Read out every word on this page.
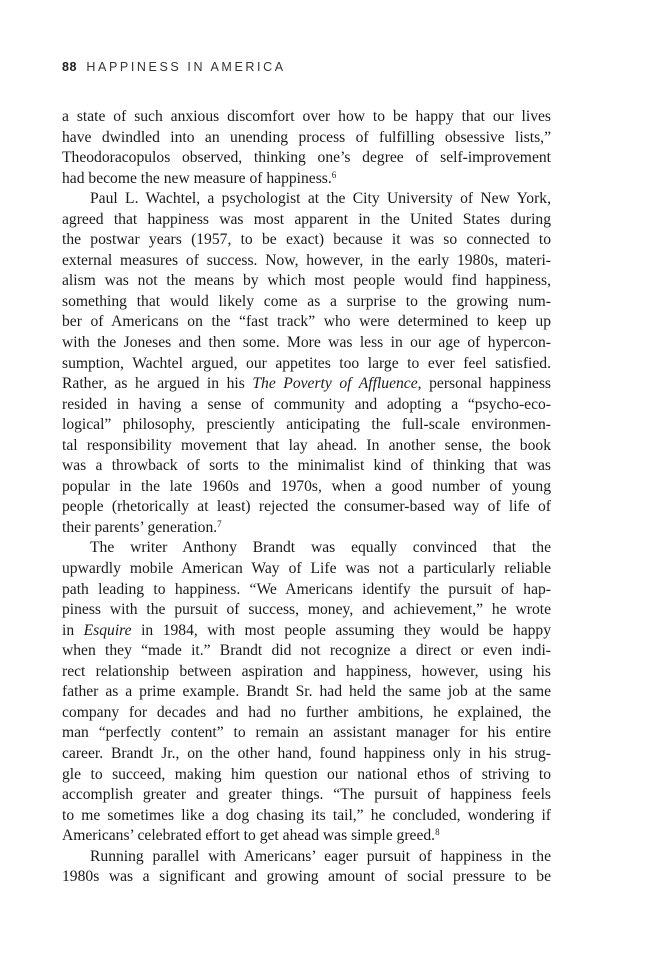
88 HAPPINESS IN AMERICA
a state of such anxious discomfort over how to be happy that our lives
have dwindled into an unending process of fulfilling obsessive lists,”
Theodoracopulos observed, thinking one’s degree of self-improvement
had become the new measure of happiness.$^6$
Paul L. Wachtel, a psychologist at the City University of New York,
agreed that happiness was most apparent in the United States during
the postwar years (1957, to be exact) because it was so connected to
external measures of success. Now, however, in the early 1980s, materi-
alism was not the means by which most people would find happiness,
something that would likely come as a surprise to the growing num-
ber of Americans on the “fast track” who were determined to keep up
with the Joneses and then some. More was less in our age of hypercon-
sumption, Wachtel argued, our appetites too large to ever feel satisfied.
Rather, as he argued in his The Poverty of Affluence, personal happiness
resided in having a sense of community and adopting a “psycho-eco-
logical” philosophy, presciently anticipating the full-scale environmen-
tal responsibility movement that lay ahead. In another sense, the book
was a throwback of sorts to the minimalist kind of thinking that was
popular in the late 1960s and 1970s, when a good number of young
people (rhetorically at least) rejected the consumer-based way of life of
their parents’ generation.$^7$
The writer Anthony Brandt was equally convinced that the
upwardly mobile American Way of Life was not a particularly reliable
path leading to happiness. “We Americans identify the pursuit of hap-
piness with the pursuit of success, money, and achievement,” he wrote
in Esquire in 1984, with most people assuming they would be happy
when they “made it.” Brandt did not recognize a direct or even indi-
rect relationship between aspiration and happiness, however, using his
father as a prime example. Brandt Sr. had held the same job at the same
company for decades and had no further ambitions, he explained, the
man “perfectly content” to remain an assistant manager for his entire
career. Brandt Jr., on the other hand, found happiness only in his strug-
gle to succeed, making him question our national ethos of striving to
accomplish greater and greater things. “The pursuit of happiness feels
to me sometimes like a dog chasing its tail,” he concluded, wondering if
Americans’ celebrated effort to get ahead was simple greed.$^8$
Running parallel with Americans’ eager pursuit of happiness in the
1980s was a significant and growing amount of social pressure to be
